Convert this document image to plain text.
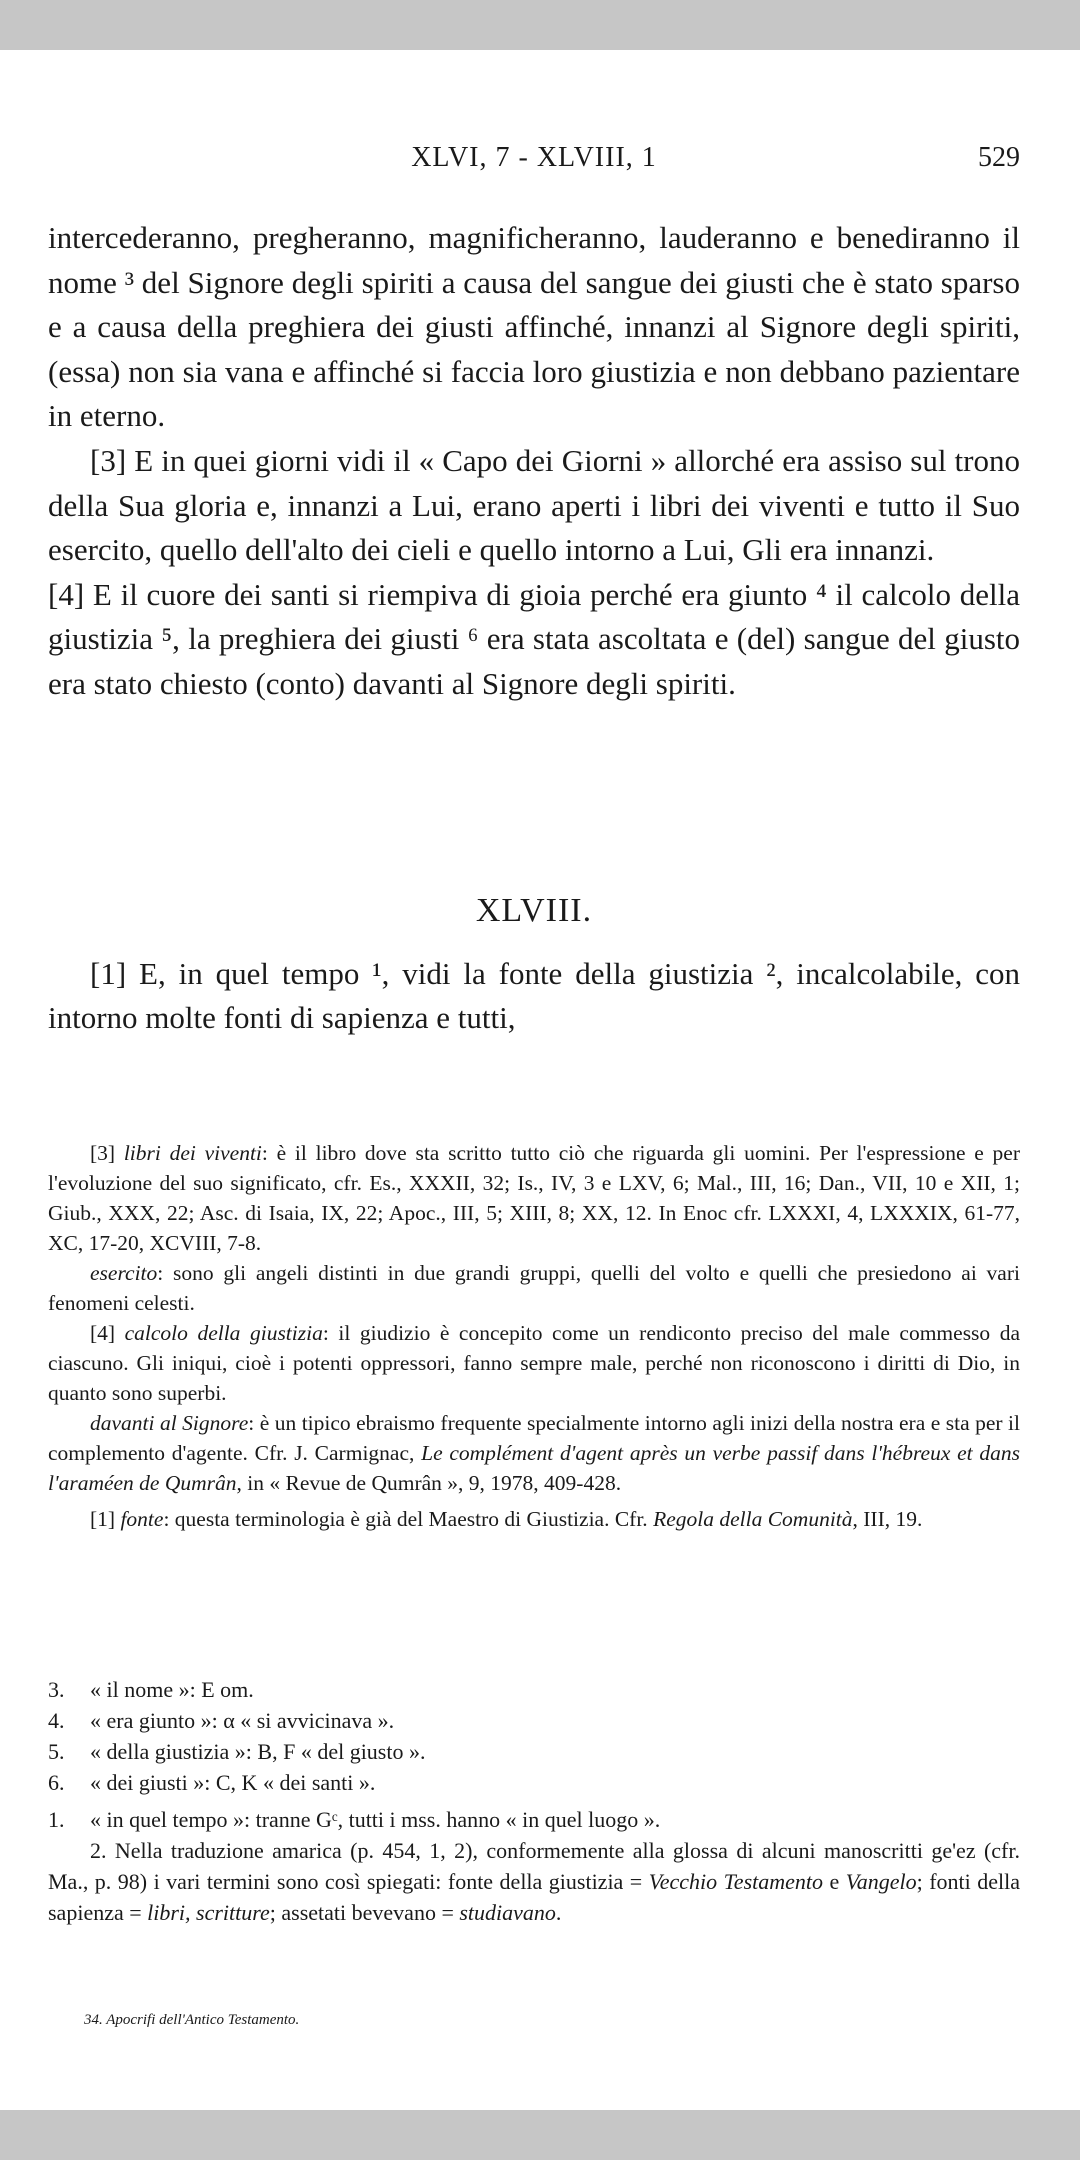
XLVI, 7 - XLVIII, 1	529

intercederanno, pregheranno, magnificheranno, lauderanno e benediranno il nome ³ del Signore degli spiriti a causa del sangue dei giusti che è stato sparso e a causa della preghiera dei giusti affinché, innanzi al Signore degli spiriti, (essa) non sia vana e affinché si faccia loro giustizia e non debbano pazientare in eterno.

[3] E in quei giorni vidi il « Capo dei Giorni » allorché era assiso sul trono della Sua gloria e, innanzi a Lui, erano aperti i libri dei viventi e tutto il Suo esercito, quello dell'alto dei cieli e quello intorno a Lui, Gli era innanzi.

[4] E il cuore dei santi si riempiva di gioia perché era giunto ⁴ il calcolo della giustizia ⁵, la preghiera dei giusti ⁶ era stata ascoltata e (del) sangue del giusto era stato chiesto (conto) davanti al Signore degli spiriti.

XLVIII.

[1] E, in quel tempo ¹, vidi la fonte della giustizia ², incalcolabile, con intorno molte fonti di sapienza e tutti,

[3] libri dei viventi: è il libro dove sta scritto tutto ciò che riguarda gli uomini. Per l'espressione e per l'evoluzione del suo significato, cfr. Es., XXXII, 32; Is., IV, 3 e LXV, 6; Mal., III, 16; Dan., VII, 10 e XII, 1; Giub., XXX, 22; Asc. di Isaia, IX, 22; Apoc., III, 5; XIII, 8; XX, 12. In Enoc cfr. LXXXI, 4, LXXXIX, 61-77, XC, 17-20, XCVIII, 7-8.

esercito: sono gli angeli distinti in due grandi gruppi, quelli del volto e quelli che presiedono ai vari fenomeni celesti.

[4] calcolo della giustizia: il giudizio è concepito come un rendiconto preciso del male commesso da ciascuno. Gli iniqui, cioè i potenti oppressori, fanno sempre male, perché non riconoscono i diritti di Dio, in quanto sono superbi.

davanti al Signore: è un tipico ebraismo frequente specialmente intorno agli inizi della nostra era e sta per il complemento d'agente. Cfr. J. Carmignac, Le complément d'agent après un verbe passif dans l'hébreux et dans l'araméen de Qumrân, in « Revue de Qumrân », 9, 1978, 409-428.

[1] fonte: questa terminologia è già del Maestro di Giustizia. Cfr. Regola della Comunità, III, 19.

3.	« il nome »: E om.
4.	« era giunto »: α « si avvicinava ».
5.	« della giustizia »: B, F « del giusto ».
6.	« dei giusti »: C, K « dei santi ».
1.	« in quel tempo »: tranne Gᶜ, tutti i mss. hanno « in quel luogo ».

2. Nella traduzione amarica (p. 454, 1, 2), conformemente alla glossa di alcuni manoscritti ge'ez (cfr. Ma., p. 98) i vari termini sono così spiegati: fonte della giustizia = Vecchio Testamento e Vangelo; fonti della sapienza = libri, scritture; assetati bevevano = studiavano.

34. Apocrifi dell'Antico Testamento.
